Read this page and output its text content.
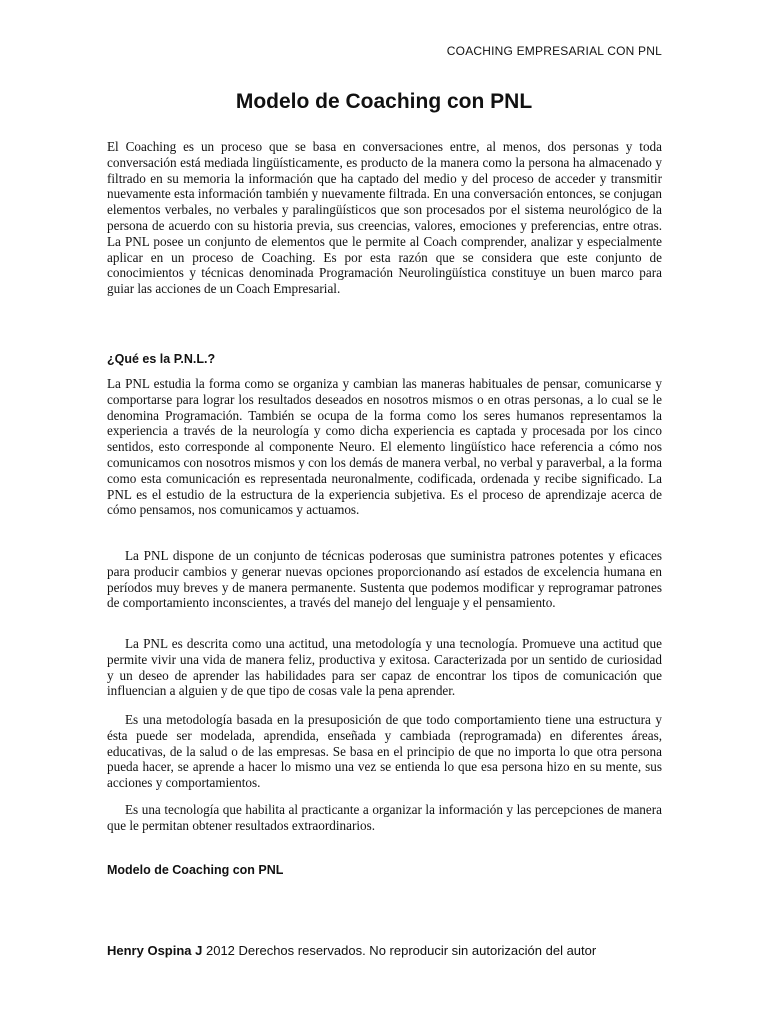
COACHING EMPRESARIAL CON PNL
Modelo de Coaching con PNL

El Coaching es un proceso que se basa en conversaciones entre, al menos, dos personas y toda conversación está mediada lingüísticamente, es producto de la manera como la persona ha almacenado y filtrado en su memoria la información que ha captado del medio y del proceso de acceder y transmitir nuevamente esta información también y nuevamente filtrada. En una conversación entonces, se conjugan elementos verbales, no verbales y paralingüísticos que son procesados por el sistema neurológico de la persona de acuerdo con su historia previa, sus creencias, valores, emociones y preferencias, entre otras. La PNL posee un conjunto de elementos que le permite al Coach comprender, analizar y especialmente aplicar en un proceso de Coaching. Es por esta razón que se considera que este conjunto de conocimientos y técnicas denominada Programación Neurolingüística constituye un buen marco para guiar las acciones de un Coach Empresarial.

¿Qué es la P.N.L.?

La PNL estudia la forma como se organiza y cambian las maneras habituales de pensar, comunicarse y comportarse para lograr los resultados deseados en nosotros mismos o en otras personas, a lo cual se le denomina Programación. También se ocupa de la forma como los seres humanos representamos la experiencia a través de la neurología y como dicha experiencia es captada y procesada por los cinco sentidos, esto corresponde al componente Neuro. El elemento lingüístico hace referencia a cómo nos comunicamos con nosotros mismos y con los demás de manera verbal, no verbal y paraverbal, a la forma como esta comunicación es representada neuronalmente, codificada, ordenada y recibe significado. La PNL es el estudio de la estructura de la experiencia subjetiva. Es el proceso de aprendizaje acerca de cómo pensamos, nos comunicamos y actuamos.

La PNL dispone de un conjunto de técnicas poderosas que suministra patrones potentes y eficaces para producir cambios y generar nuevas opciones proporcionando así estados de excelencia humana en períodos muy breves y de manera permanente. Sustenta que podemos modificar y reprogramar patrones de comportamiento inconscientes, a través del manejo del lenguaje y el pensamiento.

La PNL es descrita como una actitud, una metodología y una tecnología. Promueve una actitud que permite vivir una vida de manera feliz, productiva y exitosa. Caracterizada por un sentido de curiosidad y un deseo de aprender las habilidades para ser capaz de encontrar los tipos de comunicación que influencian a alguien y de que tipo de cosas vale la pena aprender.

Es una metodología basada en la presuposición de que todo comportamiento tiene una estructura y ésta puede ser modelada, aprendida, enseñada y cambiada (reprogramada) en diferentes áreas, educativas, de la salud o de las empresas. Se basa en el principio de que no importa lo que otra persona pueda hacer, se aprende a hacer lo mismo una vez se entienda lo que esa persona hizo en su mente, sus acciones y comportamientos.

Es una tecnología que habilita al practicante a organizar la información y las percepciones de manera que le permitan obtener resultados extraordinarios.

Modelo de Coaching con PNL
Henry Ospina J 2012 Derechos reservados. No reproducir sin autorización del autor
